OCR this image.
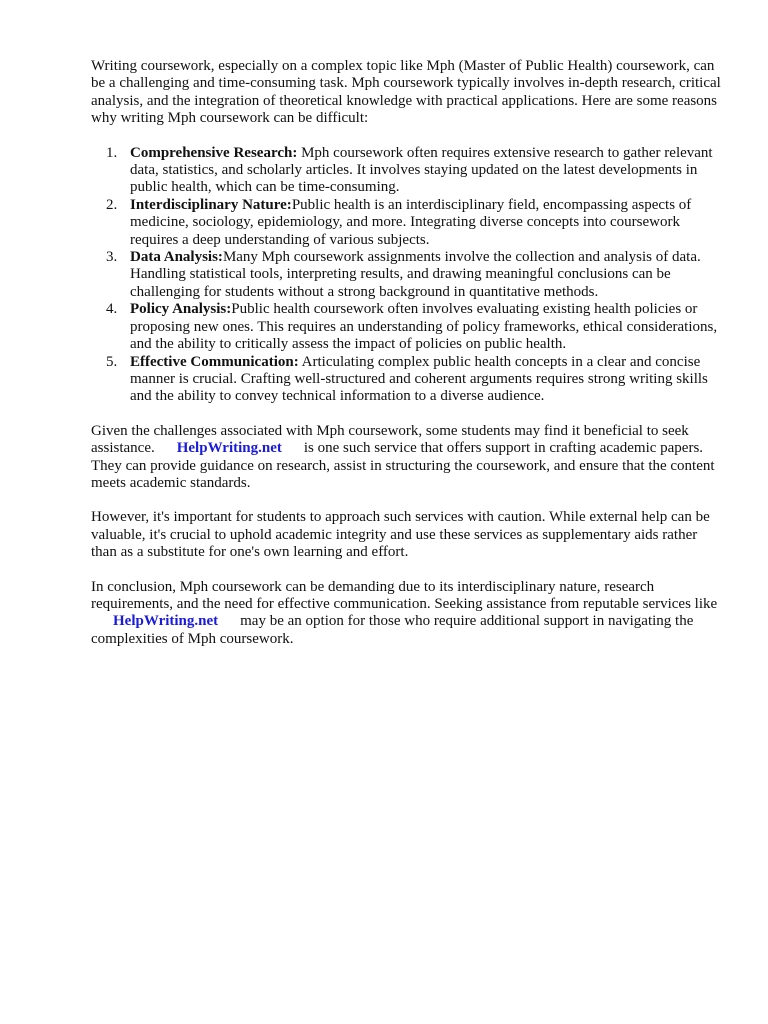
Writing coursework, especially on a complex topic like Mph (Master of Public Health) coursework, can be a challenging and time-consuming task. Mph coursework typically involves in-depth research, critical analysis, and the integration of theoretical knowledge with practical applications. Here are some reasons why writing Mph coursework can be difficult:

1. Comprehensive Research: Mph coursework often requires extensive research to gather relevant data, statistics, and scholarly articles. It involves staying updated on the latest developments in public health, which can be time-consuming.
2. Interdisciplinary Nature:Public health is an interdisciplinary field, encompassing aspects of medicine, sociology, epidemiology, and more. Integrating diverse concepts into coursework requires a deep understanding of various subjects.
3. Data Analysis:Many Mph coursework assignments involve the collection and analysis of data. Handling statistical tools, interpreting results, and drawing meaningful conclusions can be challenging for students without a strong background in quantitative methods.
4. Policy Analysis:Public health coursework often involves evaluating existing health policies or proposing new ones. This requires an understanding of policy frameworks, ethical considerations, and the ability to critically assess the impact of policies on public health.
5. Effective Communication: Articulating complex public health concepts in a clear and concise manner is crucial. Crafting well-structured and coherent arguments requires strong writing skills and the ability to convey technical information to a diverse audience.

Given the challenges associated with Mph coursework, some students may find it beneficial to seek assistance. HelpWriting.net is one such service that offers support in crafting academic papers. They can provide guidance on research, assist in structuring the coursework, and ensure that the content meets academic standards.

However, it's important for students to approach such services with caution. While external help can be valuable, it's crucial to uphold academic integrity and use these services as supplementary aids rather than as a substitute for one's own learning and effort.

In conclusion, Mph coursework can be demanding due to its interdisciplinary nature, research requirements, and the need for effective communication. Seeking assistance from reputable services likeHelpWriting.net may be an option for those who require additional support in navigating the complexities of Mph coursework.
